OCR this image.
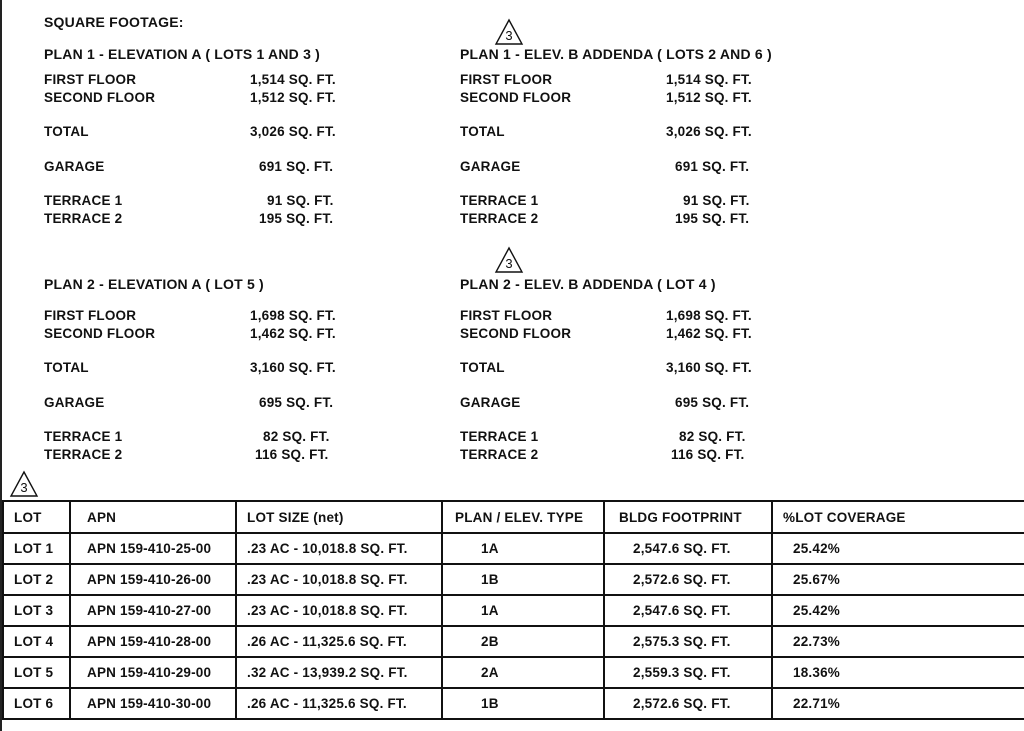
SQUARE FOOTAGE:
3
3
3
PLAN 1 - ELEVATION A ( LOTS 1 AND 3 )
FIRST FLOOR	1,514 SQ. FT.
SECOND FLOOR	1,512 SQ. FT.
TOTAL	3,026 SQ. FT.
GARAGE	691 SQ. FT.
TERRACE 1	91 SQ. FT.
TERRACE 2	195 SQ. FT.
PLAN 1 - ELEV. B ADDENDA ( LOTS 2 AND 6 )
FIRST FLOOR	1,514 SQ. FT.
SECOND FLOOR	1,512 SQ. FT.
TOTAL	3,026 SQ. FT.
GARAGE	691 SQ. FT.
TERRACE 1	91 SQ. FT.
TERRACE 2	195 SQ. FT.
PLAN 2 - ELEVATION A ( LOT 5 )
FIRST FLOOR	1,698 SQ. FT.
SECOND FLOOR	1,462 SQ. FT.
TOTAL	3,160 SQ. FT.
GARAGE	695 SQ. FT.
TERRACE 1	82 SQ. FT.
TERRACE 2	116 SQ. FT.
PLAN 2 - ELEV. B ADDENDA ( LOT 4 )
FIRST FLOOR	1,698 SQ. FT.
SECOND FLOOR	1,462 SQ. FT.
TOTAL	3,160 SQ. FT.
GARAGE	695 SQ. FT.
TERRACE 1	82 SQ. FT.
TERRACE 2	116 SQ. FT.
LOT	APN	LOT SIZE (net)	PLAN / ELEV. TYPE	BLDG FOOTPRINT	%LOT COVERAGE
LOT 1	APN 159-410-25-00	.23 AC - 10,018.8 SQ. FT.	1A	2,547.6 SQ. FT.	25.42%
LOT 2	APN 159-410-26-00	.23 AC - 10,018.8 SQ. FT.	1B	2,572.6 SQ. FT.	25.67%
LOT 3	APN 159-410-27-00	.23 AC - 10,018.8 SQ. FT.	1A	2,547.6 SQ. FT.	25.42%
LOT 4	APN 159-410-28-00	.26 AC - 11,325.6 SQ. FT.	2B	2,575.3 SQ. FT.	22.73%
LOT 5	APN 159-410-29-00	.32 AC - 13,939.2 SQ. FT.	2A	2,559.3 SQ. FT.	18.36%
LOT 6	APN 159-410-30-00	.26 AC - 11,325.6 SQ. FT.	1B	2,572.6 SQ. FT.	22.71%
